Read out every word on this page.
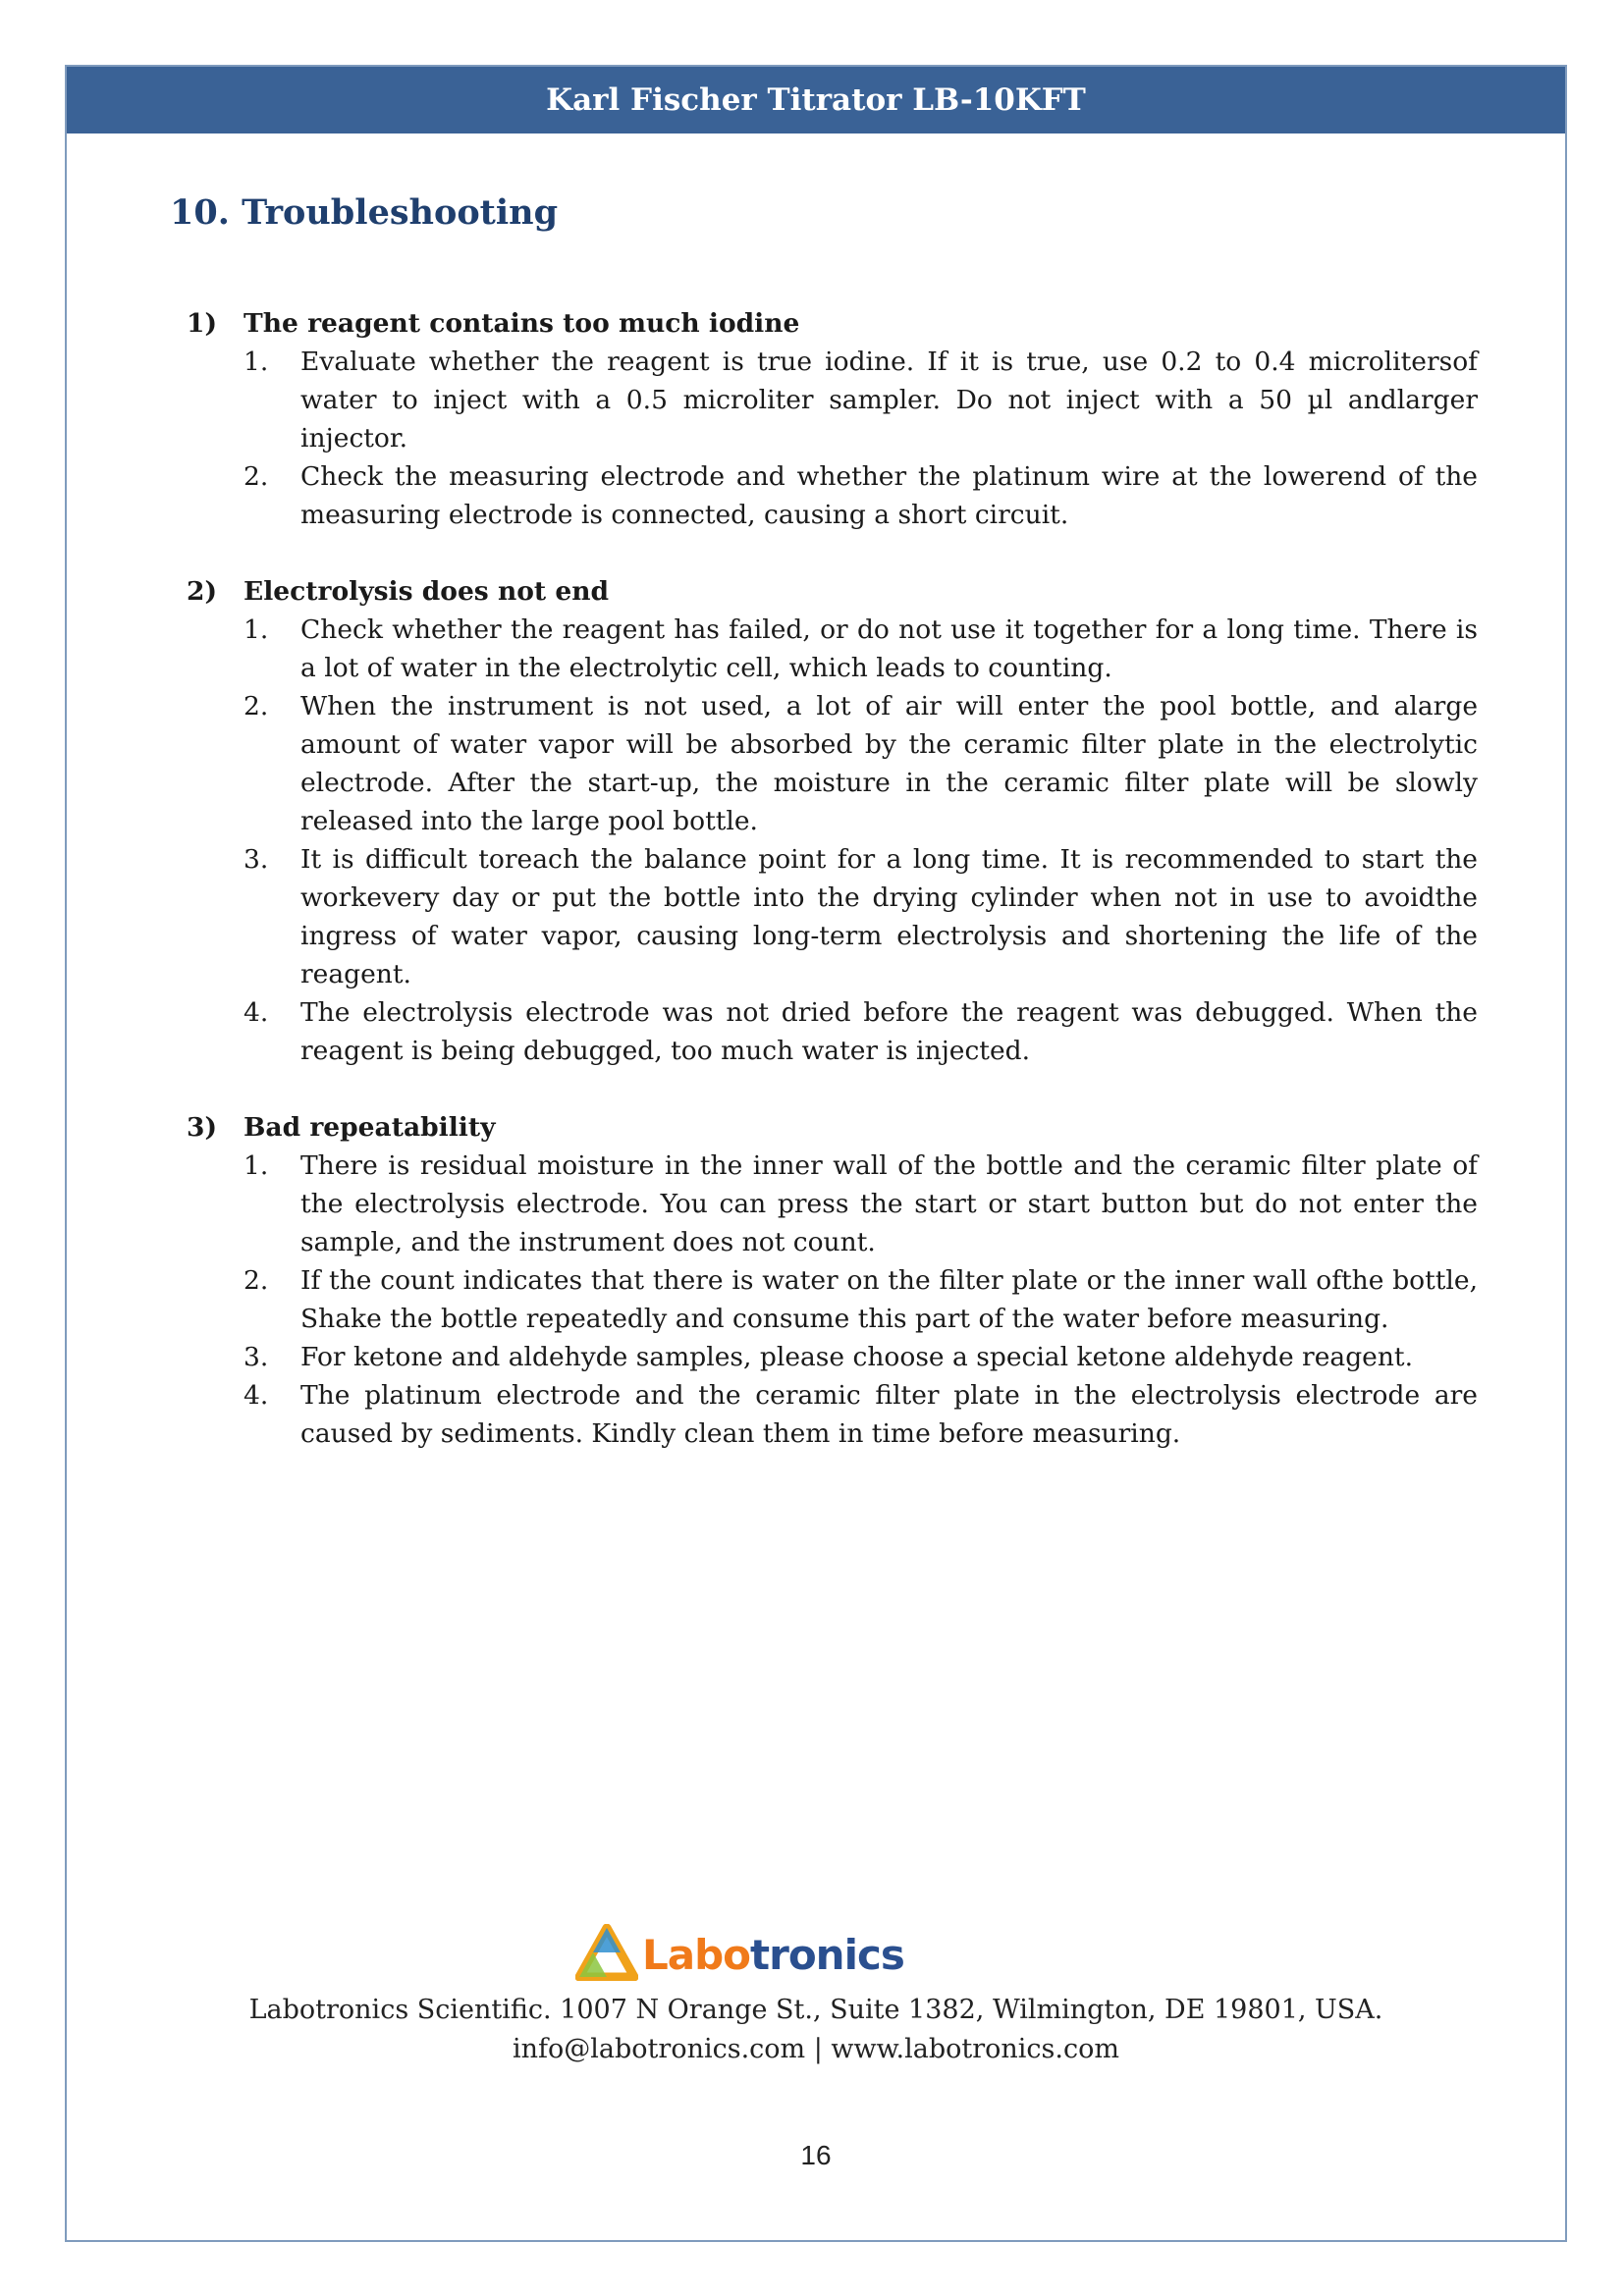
Karl Fischer Titrator LB-10KFT
10. Troubleshooting
1)	The reagent contains too much iodine
1.	Evaluate whether the reagent is true iodine. If it is true, use 0.2 to 0.4 microlitersof water to inject with a 0.5 microliter sampler. Do not inject with a 50 µl andlarger injector.
2.	Check the measuring electrode and whether the platinum wire at the lowerend of the measuring electrode is connected, causing a short circuit.
2)	Electrolysis does not end
1.	Check whether the reagent has failed, or do not use it together for a long time. There is a lot of water in the electrolytic cell, which leads to counting.
2.	When the instrument is not used, a lot of air will enter the pool bottle, and alarge amount of water vapor will be absorbed by the ceramic filter plate in the electrolytic electrode. After the start-up, the moisture in the ceramic filter plate will be slowly released into the large pool bottle.
3.	It is difficult toreach the balance point for a long time. It is recommended to start the workevery day or put the bottle into the drying cylinder when not in use to avoidthe ingress of water vapor, causing long-term electrolysis and shortening the life of the reagent.
4.	The electrolysis electrode was not dried before the reagent was debugged. When the reagent is being debugged, too much water is injected.
3)	Bad repeatability
1.	There is residual moisture in the inner wall of the bottle and the ceramic filter plate of the electrolysis electrode. You can press the start or start button but do not enter the sample, and the instrument does not count.
2.	If the count indicates that there is water on the filter plate or the inner wall ofthe bottle, Shake the bottle repeatedly and consume this part of the water before measuring.
3.	For ketone and aldehyde samples, please choose a special ketone aldehyde reagent.
4.	The platinum electrode and the ceramic filter plate in the electrolysis electrode are caused by sediments. Kindly clean them in time before measuring.
Labotronics
Labotronics Scientific. 1007 N Orange St., Suite 1382, Wilmington, DE 19801, USA.
info@labotronics.com | www.labotronics.com
16
